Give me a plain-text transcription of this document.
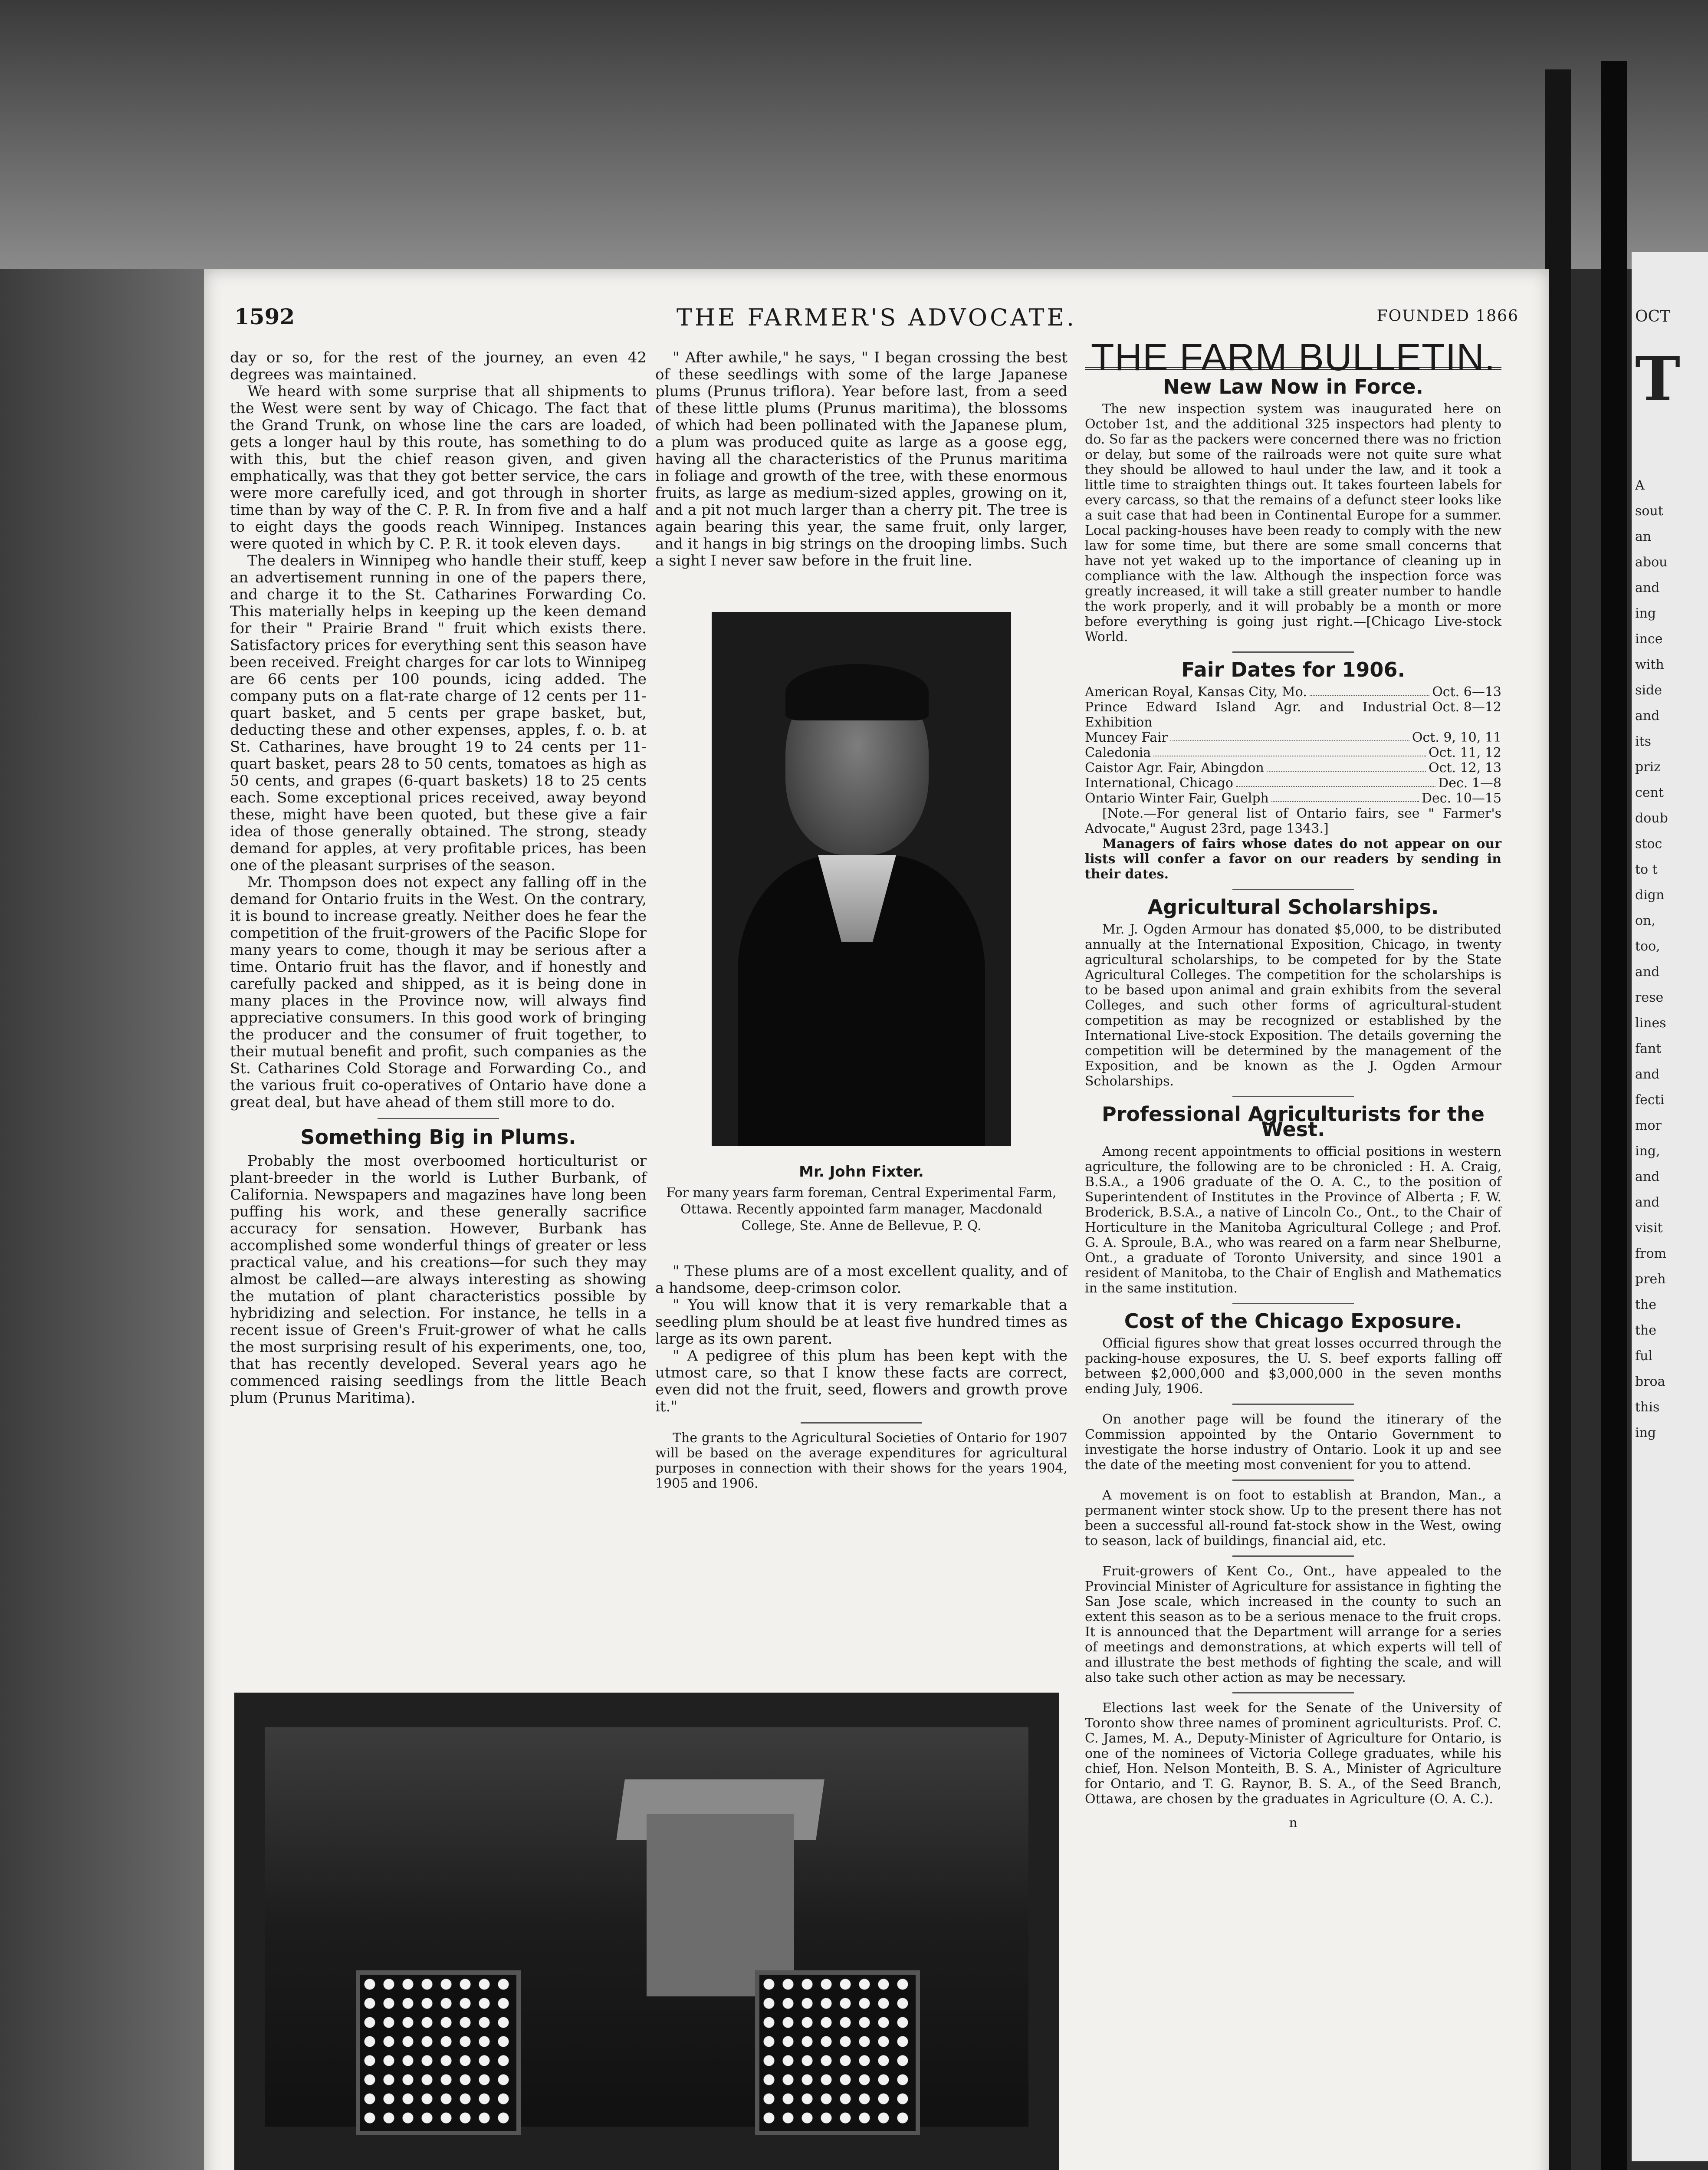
OCT

T

A

sout

an

abou

and

ing

ince

with

side

and

its

priz

cent

doub

stoc

to t

dign

on,

too,

and

rese

lines

fant

and

fecti

mor

ing,

and

and

visit

from

preh

the

the

ful

broa

this

ing

1592	THE FARMER'S ADVOCATE.	FOUNDED 1866

day or so, for the rest of the journey, an even 42 degrees was maintained.

We heard with some surprise that all shipments to the West were sent by way of Chicago. The fact that the Grand Trunk, on whose line the cars are loaded, gets a longer haul by this route, has something to do with this, but the chief reason given, and given emphatically, was that they got better service, the cars were more carefully iced, and got through in shorter time than by way of the C. P. R. In from five and a half to eight days the goods reach Winnipeg. Instances were quoted in which by C. P. R. it took eleven days.

The dealers in Winnipeg who handle their stuff, keep an advertisement running in one of the papers there, and charge it to the St. Catharines Forwarding Co. This materially helps in keeping up the keen demand for their " Prairie Brand " fruit which exists there. Satisfactory prices for everything sent this season have been received. Freight charges for car lots to Winnipeg are 66 cents per 100 pounds, icing added. The company puts on a flat-rate charge of 12 cents per 11-quart basket, and 5 cents per grape basket, but, deducting these and other expenses, apples, f. o. b. at St. Catharines, have brought 19 to 24 cents per 11-quart basket, pears 28 to 50 cents, tomatoes as high as 50 cents, and grapes (6-quart baskets) 18 to 25 cents each. Some exceptional prices received, away beyond these, might have been quoted, but these give a fair idea of those generally obtained. The strong, steady demand for apples, at very profitable prices, has been one of the pleasant surprises of the season.

Mr. Thompson does not expect any falling off in the demand for Ontario fruits in the West. On the contrary, it is bound to increase greatly. Neither does he fear the competition of the fruit-growers of the Pacific Slope for many years to come, though it may be serious after a time. Ontario fruit has the flavor, and if honestly and carefully packed and shipped, as it is being done in many places in the Province now, will always find appreciative consumers. In this good work of bringing the producer and the consumer of fruit together, to their mutual benefit and profit, such companies as the St. Catharines Cold Storage and Forwarding Co., and the various fruit co-operatives of Ontario have done a great deal, but have ahead of them still more to do.

Something Big in Plums.

Probably the most overboomed horticulturist or plant-breeder in the world is Luther Burbank, of California. Newspapers and magazines have long been puffing his work, and these generally sacrifice accuracy for sensation. However, Burbank has accomplished some wonderful things of greater or less practical value, and his creations—for such they may almost be called—are always interesting as showing the mutation of plant characteristics possible by hybridizing and selection. For instance, he tells in a recent issue of Green's Fruit-grower of what he calls the most surprising result of his experiments, one, too, that has recently developed. Several years ago he commenced raising seedlings from the little Beach plum (Prunus Maritima).

" After awhile," he says, " I began crossing the best of these seedlings with some of the large Japanese plums (Prunus triflora). Year before last, from a seed of these little plums (Prunus maritima), the blossoms of which had been pollinated with the Japanese plum, a plum was produced quite as large as a goose egg, having all the characteristics of the Prunus maritima in foliage and growth of the tree, with these enormous fruits, as large as medium-sized apples, growing on it, and a pit not much larger than a cherry pit. The tree is again bearing this year, the same fruit, only larger, and it hangs in big strings on the drooping limbs. Such a sight I never saw before in the fruit line.

Mr. John Fixter.
For many years farm foreman, Central Experimental Farm, Ottawa. Recently appointed farm manager, Macdonald College, Ste. Anne de Bellevue, P. Q.

" These plums are of a most excellent quality, and of a handsome, deep-crimson color.

" You will know that it is very remarkable that a seedling plum should be at least five hundred times as large as its own parent.

" A pedigree of this plum has been kept with the utmost care, so that I know these facts are correct, even did not the fruit, seed, flowers and growth prove it."

The grants to the Agricultural Societies of Ontario for 1907 will be based on the average expenditures for agricultural purposes in connection with their shows for the years 1904, 1905 and 1906.

THE FARM BULLETIN.
New Law Now in Force.

The new inspection system was inaugurated here on October 1st, and the additional 325 inspectors had plenty to do. So far as the packers were concerned there was no friction or delay, but some of the railroads were not quite sure what they should be allowed to haul under the law, and it took a little time to straighten things out. It takes fourteen labels for every carcass, so that the remains of a defunct steer looks like a suit case that had been in Continental Europe for a summer. Local packing-houses have been ready to comply with the new law for some time, but there are some small concerns that have not yet waked up to the importance of cleaning up in compliance with the law. Although the inspection force was greatly increased, it will take a still greater number to handle the work properly, and it will probably be a month or more before everything is going just right.—[Chicago Live-stock World.

Fair Dates for 1906.
American Royal, Kansas City, Mo.	Oct. 6—13
Prince Edward Island Agr. and Industrial Exhibition
Oct. 8—12
Muncey Fair	Oct. 9, 10, 11
Caledonia	Oct. 11, 12
Caistor Agr. Fair, Abingdon	Oct. 12, 13
International, Chicago	Dec. 1—8
Ontario Winter Fair, Guelph	Dec. 10—15

[Note.—For general list of Ontario fairs, see " Farmer's Advocate," August 23rd, page 1343.]

Managers of fairs whose dates do not appear on our lists will confer a favor on our readers by sending in their dates.

Agricultural Scholarships.

Mr. J. Ogden Armour has donated $5,000, to be distributed annually at the International Exposition, Chicago, in twenty agricultural scholarships, to be competed for by the State Agricultural Colleges. The competition for the scholarships is to be based upon animal and grain exhibits from the several Colleges, and such other forms of agricultural-student competition as may be recognized or established by the International Live-stock Exposition. The details governing the competition will be determined by the management of the Exposition, and be known as the J. Ogden Armour Scholarships.

Professional Agriculturists for the West.

Among recent appointments to official positions in western agriculture, the following are to be chronicled : H. A. Craig, B.S.A., a 1906 graduate of the O. A. C., to the position of Superintendent of Institutes in the Province of Alberta ; F. W. Broderick, B.S.A., a native of Lincoln Co., Ont., to the Chair of Horticulture in the Manitoba Agricultural College ; and Prof. G. A. Sproule, B.A., who was reared on a farm near Shelburne, Ont., a graduate of Toronto University, and since 1901 a resident of Manitoba, to the Chair of English and Mathematics in the same institution.

Cost of the Chicago Exposure.

Official figures show that great losses occurred through the packing-house exposures, the U. S. beef exports falling off between $2,000,000 and $3,000,000 in the seven months ending July, 1906.

On another page will be found the itinerary of the Commission appointed by the Ontario Government to investigate the horse industry of Ontario. Look it up and see the date of the meeting most convenient for you to attend.

A movement is on foot to establish at Brandon, Man., a permanent winter stock show. Up to the present there has not been a successful all-round fat-stock show in the West, owing to season, lack of buildings, financial aid, etc.

Fruit-growers of Kent Co., Ont., have appealed to the Provincial Minister of Agriculture for assistance in fighting the San Jose scale, which increased in the county to such an extent this season as to be a serious menace to the fruit crops. It is announced that the Department will arrange for a series of meetings and demonstrations, at which experts will tell of and illustrate the best methods of fighting the scale, and will also take such other action as may be necessary.

Elections last week for the Senate of the University of Toronto show three names of prominent agriculturists. Prof. C. C. James, M. A., Deputy-Minister of Agriculture for Ontario, is one of the nominees of Victoria College graduates, while his chief, Hon. Nelson Monteith, B. S. A., Minister of Agriculture for Ontario, and T. G. Raynor, B. S. A., of the Seed Branch, Ottawa, are chosen by the graduates in Agriculture (O. A. C.).

n
